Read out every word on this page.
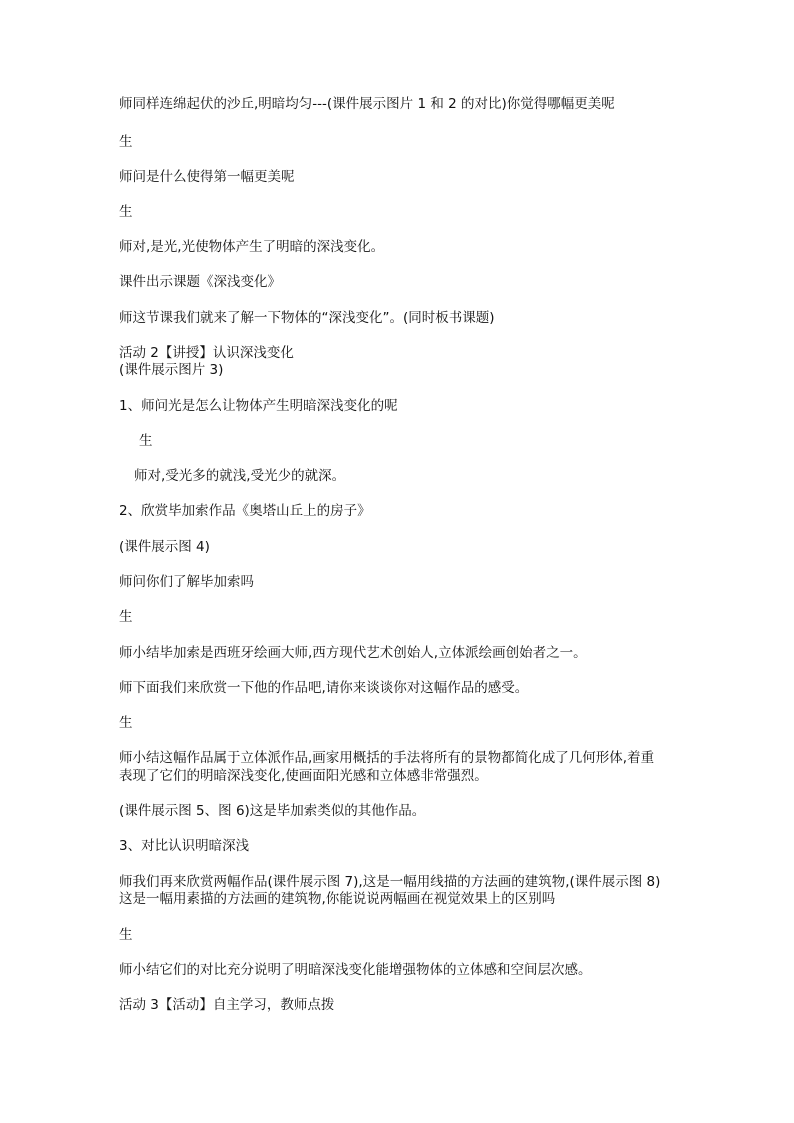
师同样连绵起伏的沙丘,明暗均匀---(课件展示图片 1 和 2 的对比)你觉得哪幅更美呢
生
师问是什么使得第一幅更美呢
生
师对,是光,光使物体产生了明暗的深浅变化。
课件出示课题《深浅变化》
师这节课我们就来了解一下物体的“深浅变化”。(同时板书课题)
活动 2【讲授】认识深浅变化
(课件展示图片 3)
1、师问光是怎么让物体产生明暗深浅变化的呢
生
师对,受光多的就浅,受光少的就深。
2、欣赏毕加索作品《奥塔山丘上的房子》
(课件展示图 4)
师问你们了解毕加索吗
生
师小结毕加索是西班牙绘画大师,西方现代艺术创始人,立体派绘画创始者之一。
师下面我们来欣赏一下他的作品吧,请你来谈谈你对这幅作品的感受。
生
师小结这幅作品属于立体派作品,画家用概括的手法将所有的景物都简化成了几何形体,着重
表现了它们的明暗深浅变化,使画面阳光感和立体感非常强烈。
(课件展示图 5、图 6)这是毕加索类似的其他作品。
3、对比认识明暗深浅
师我们再来欣赏两幅作品(课件展示图 7),这是一幅用线描的方法画的建筑物,(课件展示图 8)
这是一幅用素描的方法画的建筑物,你能说说两幅画在视觉效果上的区别吗
生
师小结它们的对比充分说明了明暗深浅变化能增强物体的立体感和空间层次感。
活动 3【活动】自主学习，教师点拨
